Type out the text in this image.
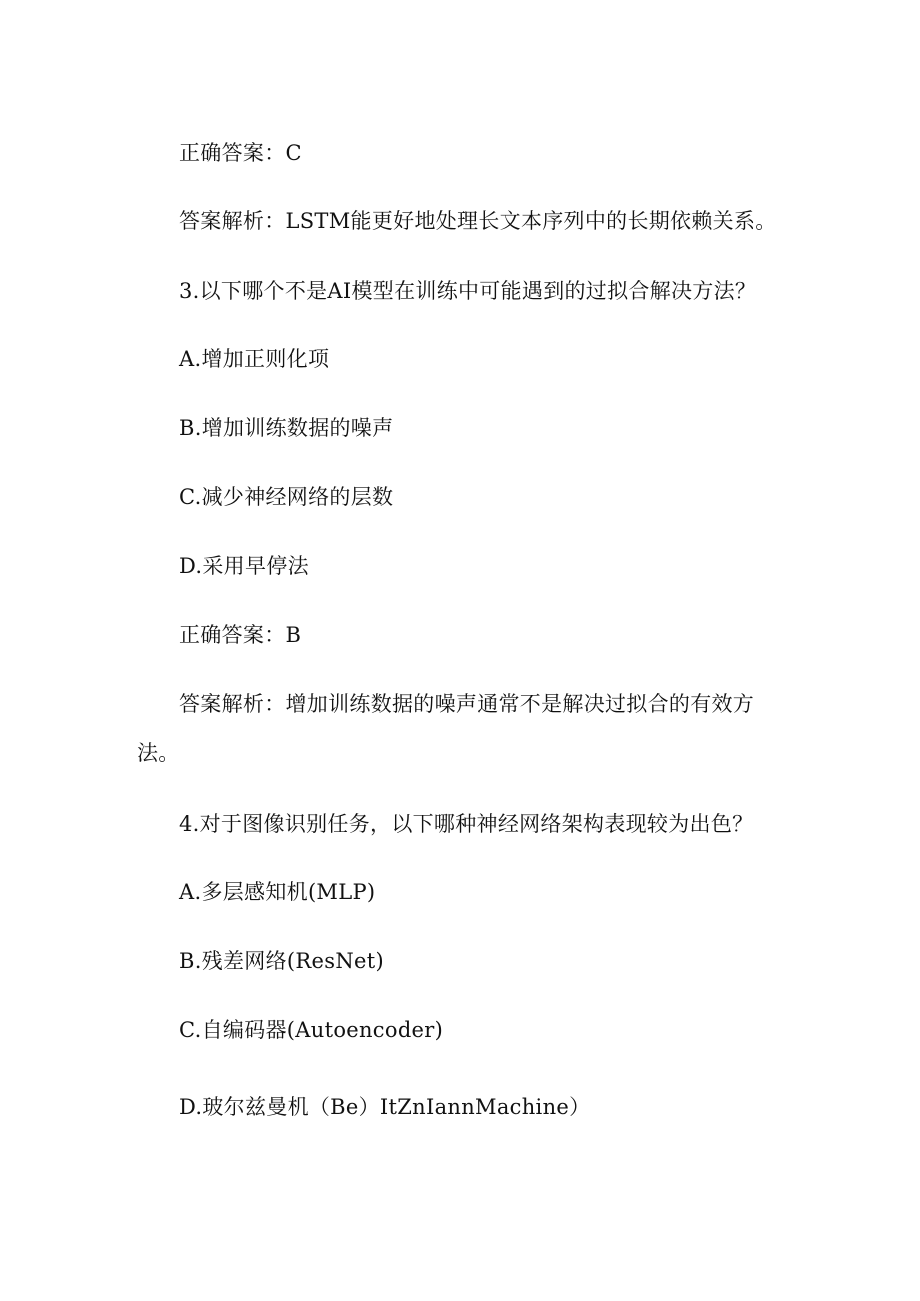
正确答案：C
答案解析：LSTM能更好地处理长文本序列中的长期依赖关系。
3.以下哪个不是AI模型在训练中可能遇到的过拟合解决方法？
A.增加正则化项
B.增加训练数据的噪声
C.减少神经网络的层数
D.采用早停法
正确答案：B
答案解析：增加训练数据的噪声通常不是解决过拟合的有效方
法。
4.对于图像识别任务，以下哪种神经网络架构表现较为出色？
A.多层感知机(MLP)
B.残差网络(ResNet)
C.自编码器(Autoencoder)
D.玻尔兹曼机（Be）ItZnIannMachine）
